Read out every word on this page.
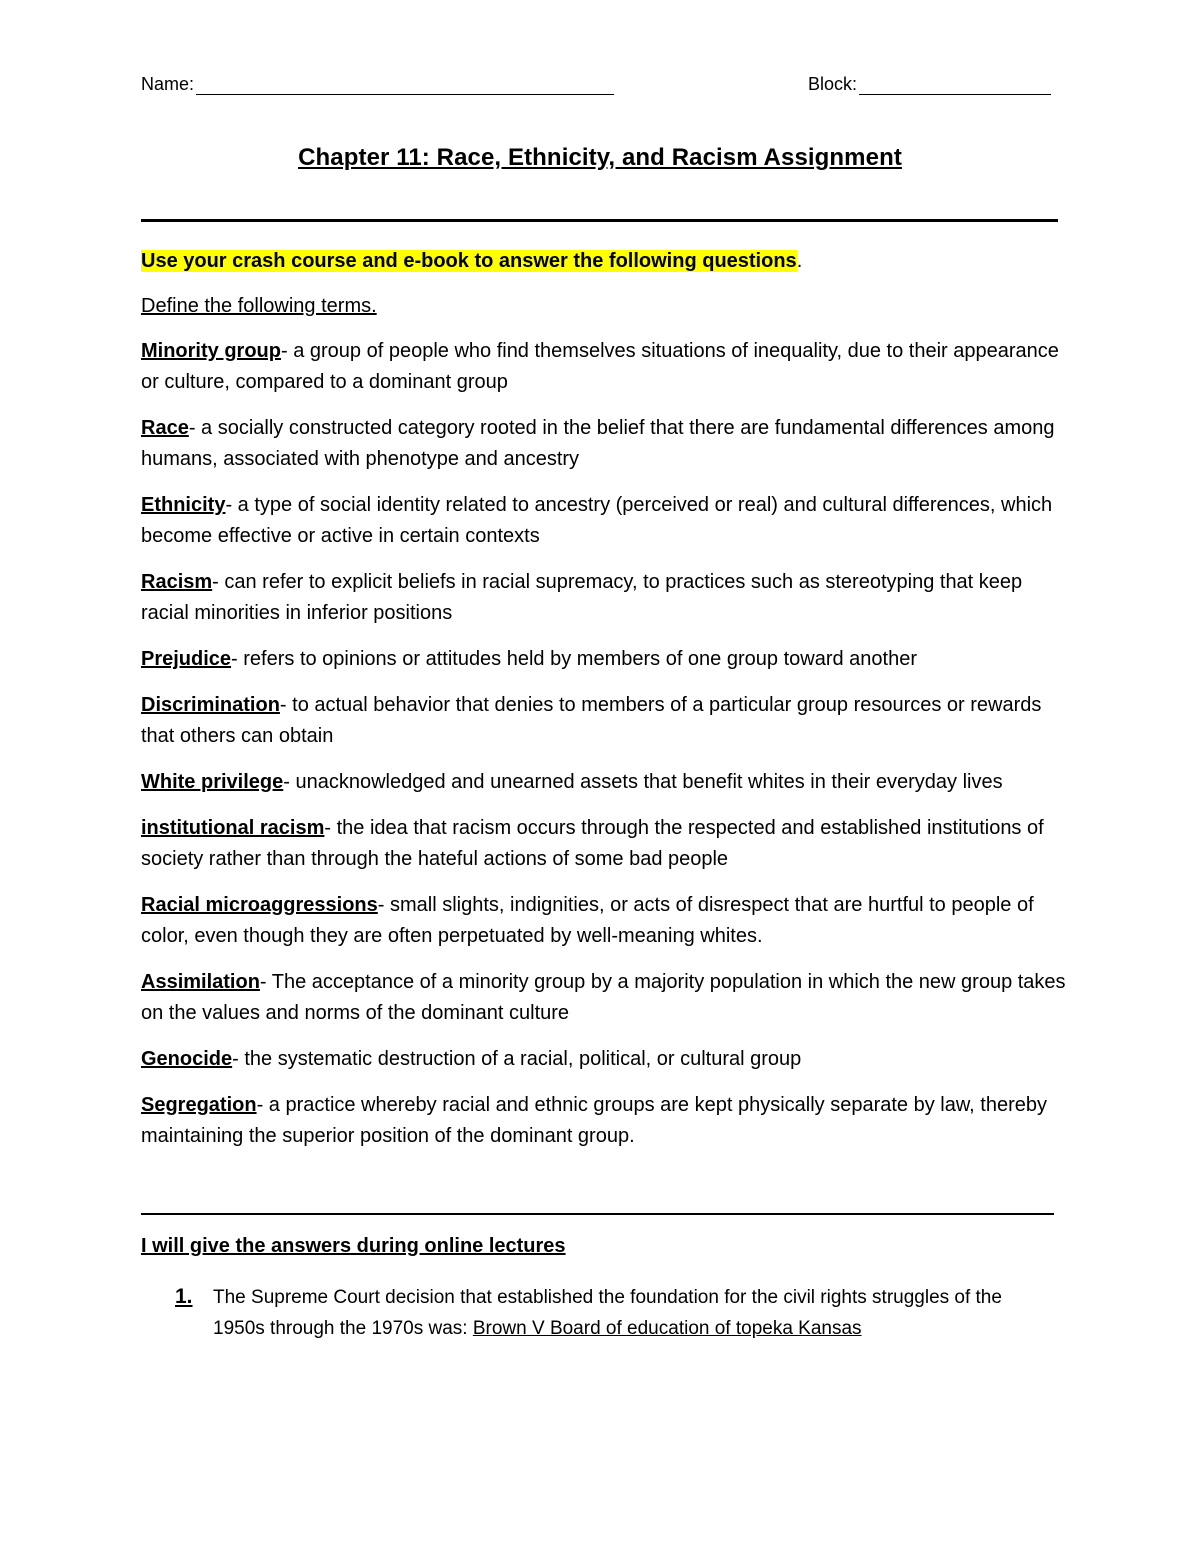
Name:	Block:
Chapter 11: Race, Ethnicity, and Racism Assignment
Use your crash course and e-book to answer the following questions.
Define the following terms.
Minority group- a group of people who find themselves situations of inequality, due to their appearance or culture, compared to a dominant group
Race- a socially constructed category rooted in the belief that there are fundamental differences among humans, associated with phenotype and ancestry
Ethnicity- a type of social identity related to ancestry (perceived or real) and cultural differences, which become effective or active in certain contexts
Racism- can refer to explicit beliefs in racial supremacy, to practices such as stereotyping that keep racial minorities in inferior positions
Prejudice- refers to opinions or attitudes held by members of one group toward another
Discrimination- to actual behavior that denies to members of a particular group resources or rewards that others can obtain
White privilege- unacknowledged and unearned assets that benefit whites in their everyday lives
institutional racism- the idea that racism occurs through the respected and established institutions of society rather than through the hateful actions of some bad people
Racial microaggressions- small slights, indignities, or acts of disrespect that are hurtful to people of color, even though they are often perpetuated by well-meaning whites.
Assimilation- The acceptance of a minority group by a majority population in which the new group takes on the values and norms of the dominant culture
Genocide- the systematic destruction of a racial, political, or cultural group
Segregation- a practice whereby racial and ethnic groups are kept physically separate by law, thereby maintaining the superior position of the dominant group.
I will give the answers during online lectures
1.	The Supreme Court decision that established the foundation for the civil rights struggles of the
1950s through the 1970s was: Brown V Board of education of topeka Kansas
